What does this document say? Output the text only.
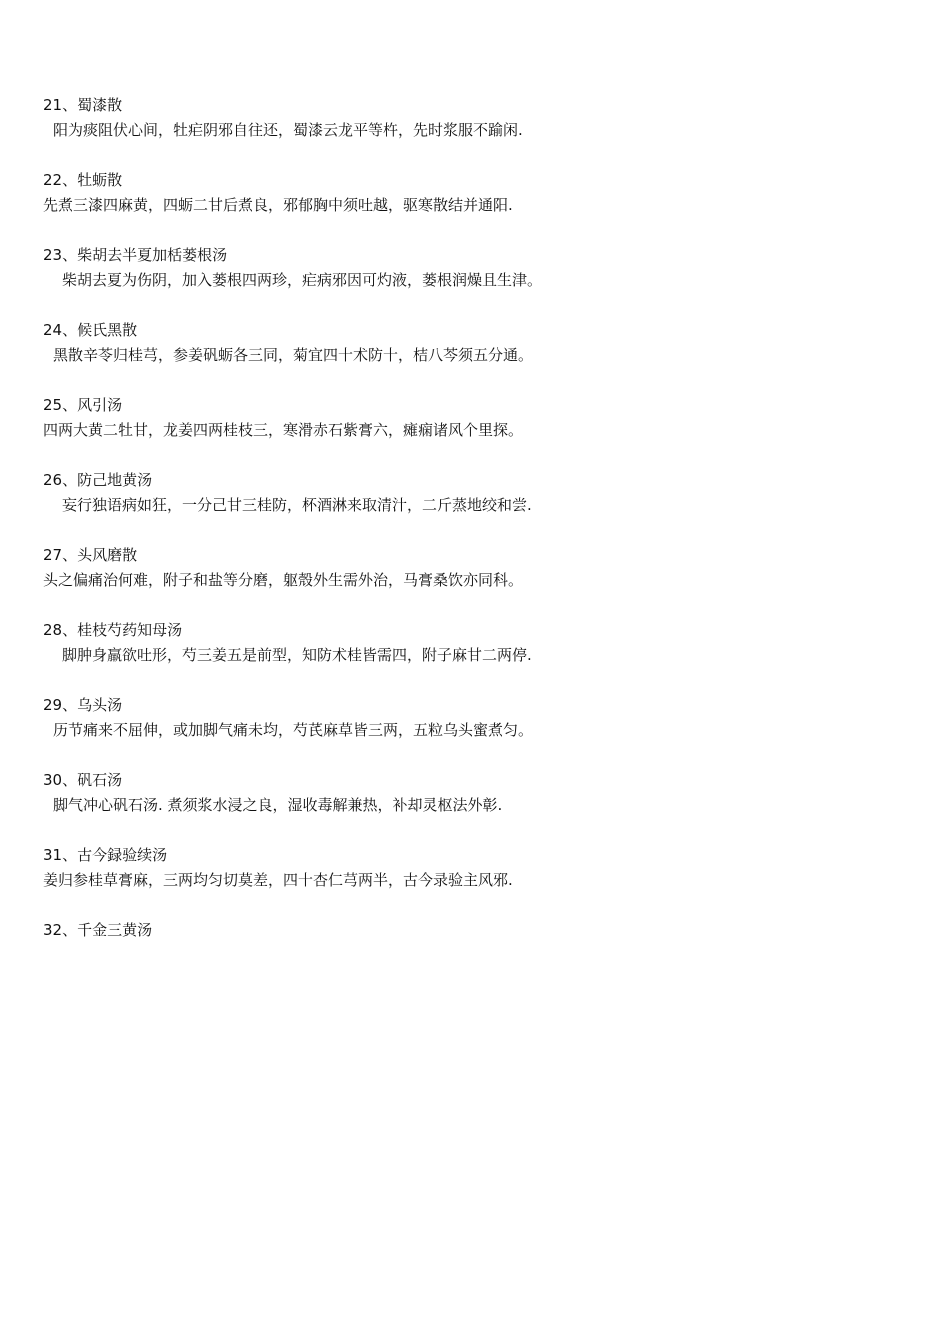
21、蜀漆散
阳为痰阻伏心间，牡疟阴邪自往还，蜀漆云龙平等杵，先时浆服不踰闲.
22、牡蛎散
先煮三漆四麻黄，四蛎二甘后煮良，邪郁胸中须吐越，驱寒散结并通阳.
23、柴胡去半夏加栝蒌根汤
柴胡去夏为伤阴，加入蒌根四两珍，疟病邪因可灼液，蒌根润燥且生津。
24、候氏黑散
黑散辛苓归桂芎，参姜矾蛎各三同，菊宜四十术防十，桔八芩须五分通。
25、风引汤
四两大黄二牡甘，龙姜四两桂枝三，寒滑赤石紫膏六，瘫痫诸风个里探。
26、防己地黄汤
妄行独语病如狂，一分己甘三桂防，杯酒淋来取清汁，二斤蒸地绞和尝.
27、头风磨散
头之偏痛治何难，附子和盐等分磨，躯殼外生需外治，马膏桑饮亦同科。
28、桂枝芍药知母汤
脚肿身羸欲吐形，芍三姜五是前型，知防术桂皆需四，附子麻甘二两停.
29、乌头汤
历节痛来不屈伸，或加脚气痛未均，芍芪麻草皆三两，五粒乌头蜜煮匀。
30、矾石汤
脚气冲心矾石汤. 煮须浆水浸之良，湿收毒解兼热，补却灵枢法外彰.
31、古今録验续汤
姜归参桂草膏麻，三两均匀切莫差，四十杏仁芎两半，古今录验主风邪.
32、千金三黄汤
